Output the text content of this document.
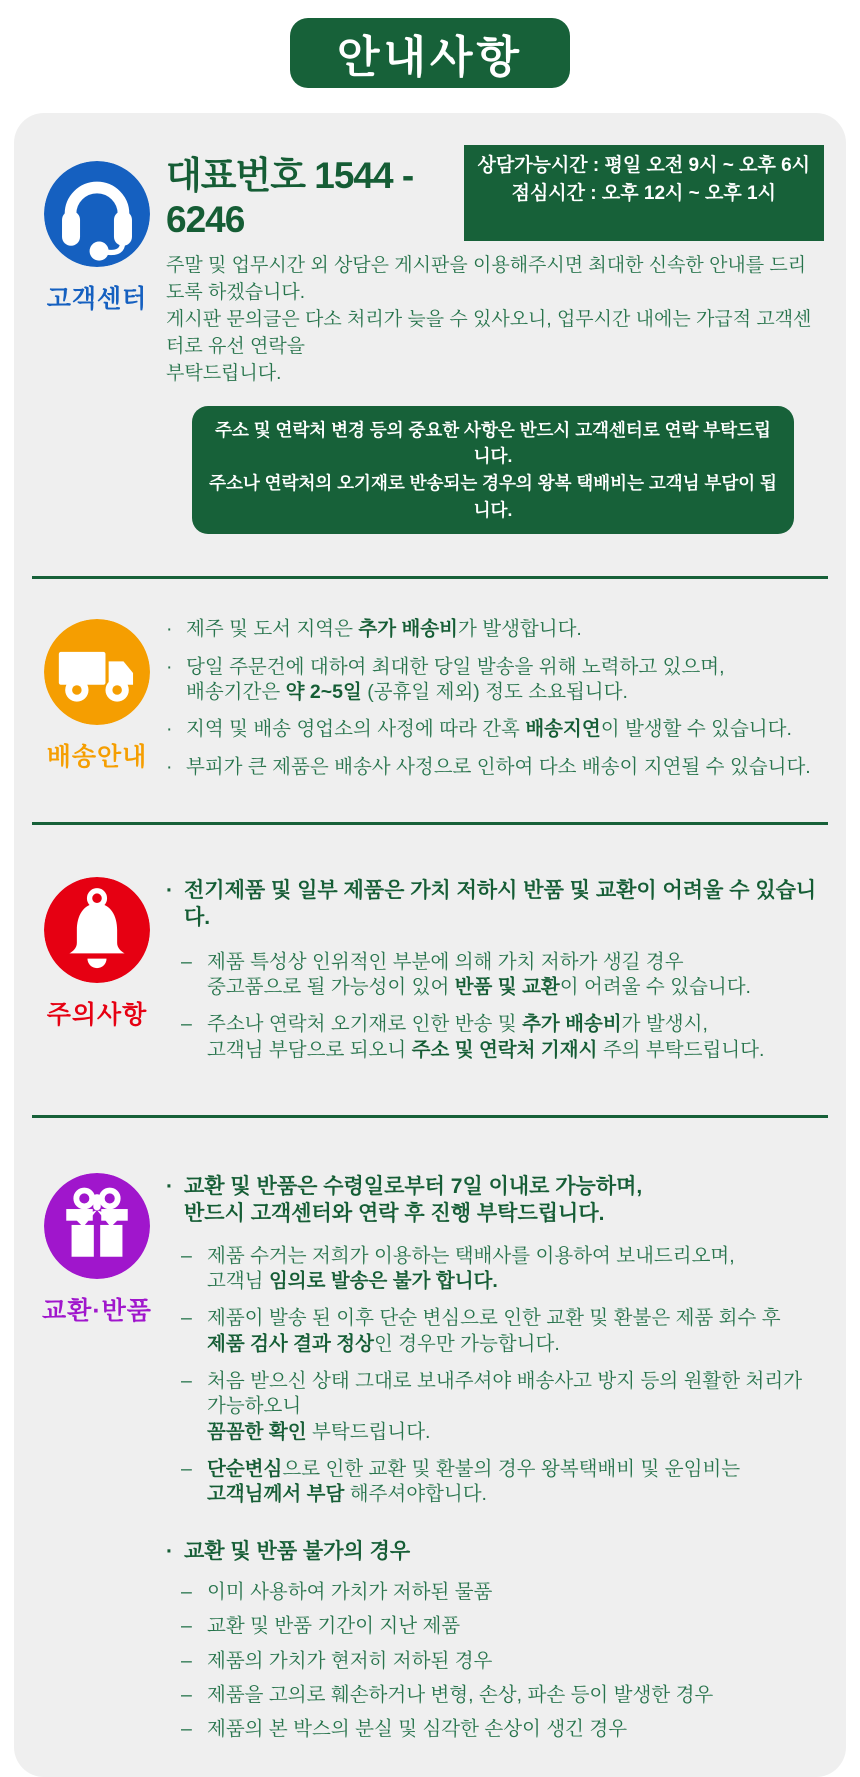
안내사항
고객센터
대표번호 1544 - 6246
상담가능시간 : 평일 오전 9시 ~ 오후 6시
점심시간 : 오후 12시 ~ 오후 1시
주말 및 업무시간 외 상담은 게시판을 이용해주시면 최대한 신속한 안내를 드리도록 하겠습니다.
게시판 문의글은 다소 처리가 늦을 수 있사오니, 업무시간 내에는 가급적 고객센터로 유선 연락을
부탁드립니다.
주소 및 연락처 변경 등의 중요한 사항은 반드시 고객센터로 연락 부탁드립니다.
주소나 연락처의 오기재로 반송되는 경우의 왕복 택배비는 고객님 부담이 됩니다.
배송안내
· 제주 및 도서 지역은 추가 배송비가 발생합니다.
· 당일 주문건에 대하여 최대한 당일 발송을 위해 노력하고 있으며,
배송기간은 약 2~5일 (공휴일 제외) 정도 소요됩니다.
· 지역 및 배송 영업소의 사정에 따라 간혹 배송지연이 발생할 수 있습니다.
· 부피가 큰 제품은 배송사 사정으로 인하여 다소 배송이 지연될 수 있습니다.
주의사항
· 전기제품 및 일부 제품은 가치 저하시 반품 및 교환이 어려울 수 있습니다.
– 제품 특성상 인위적인 부분에 의해 가치 저하가 생길 경우
중고품으로 될 가능성이 있어 반품 및 교환이 어려울 수 있습니다.
– 주소나 연락처 오기재로 인한 반송 및 추가 배송비가 발생시,
고객님 부담으로 되오니 주소 및 연락처 기재시 주의 부탁드립니다.
교환·반품
· 교환 및 반품은 수령일로부터 7일 이내로 가능하며,
반드시 고객센터와 연락 후 진행 부탁드립니다.
– 제품 수거는 저희가 이용하는 택배사를 이용하여 보내드리오며,
고객님 임의로 발송은 불가 합니다.
– 제품이 발송 된 이후 단순 변심으로 인한 교환 및 환불은 제품 회수 후
제품 검사 결과 정상인 경우만 가능합니다.
– 처음 받으신 상태 그대로 보내주셔야 배송사고 방지 등의 원활한 처리가 가능하오니
꼼꼼한 확인 부탁드립니다.
– 단순변심으로 인한 교환 및 환불의 경우 왕복택배비 및 운임비는
고객님께서 부담 해주셔야합니다.
· 교환 및 반품 불가의 경우
– 이미 사용하여 가치가 저하된 물품
– 교환 및 반품 기간이 지난 제품
– 제품의 가치가 현저히 저하된 경우
– 제품을 고의로 훼손하거나 변형, 손상, 파손 등이 발생한 경우
– 제품의 본 박스의 분실 및 심각한 손상이 생긴 경우
